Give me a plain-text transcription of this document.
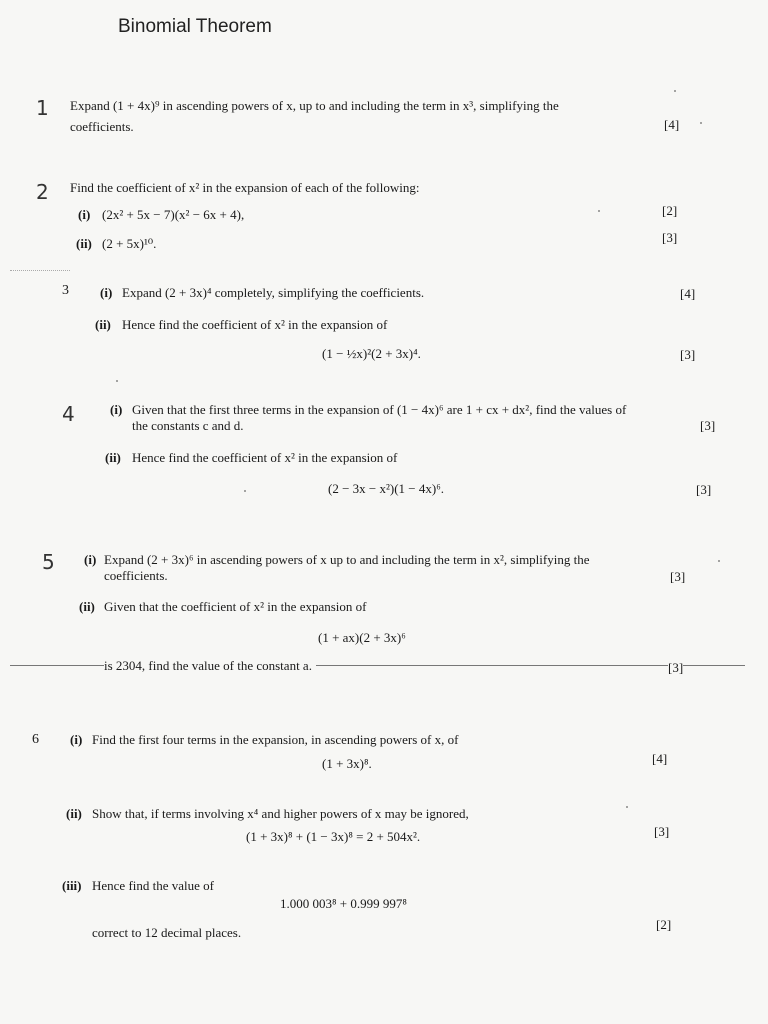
Binomial Theorem
1 Expand (1 + 4x)⁹ in ascending powers of x, up to and including the term in x³, simplifying the
coefficients.	[4]
2 Find the coefficient of x² in the expansion of each of the following:
(i) (2x² + 5x − 7)(x² − 6x + 4),	[2]
(ii) (2 + 5x)¹⁰.	[3]
3 (i) Expand (2 + 3x)⁴ completely, simplifying the coefficients.	[4]
(ii) Hence find the coefficient of x² in the expansion of
(1 − ½x)²(2 + 3x)⁴.	[3]
4	(i) Given that the first three terms in the expansion of (1 − 4x)⁶ are 1 + cx + dx², find the values of
the constants c and d.	[3]
(ii) Hence find the coefficient of x² in the expansion of
(2 − 3x − x²)(1 − 4x)⁶.	[3]
5 (i) Expand (2 + 3x)⁶ in ascending powers of x up to and including the term in x², simplifying the
coefficients.	[3]
(ii) Given that the coefficient of x² in the expansion of
(1 + ax)(2 + 3x)⁶
is 2304, find the value of the constant a.	[3]
6 (i) Find the first four terms in the expansion, in ascending powers of x, of
(1 + 3x)⁸.	[4]
(ii) Show that, if terms involving x⁴ and higher powers of x may be ignored,
(1 + 3x)⁸ + (1 − 3x)⁸ = 2 + 504x².	[3]
(iii) Hence find the value of
1.000 003⁸ + 0.999 997⁸
correct to 12 decimal places.
[2]
